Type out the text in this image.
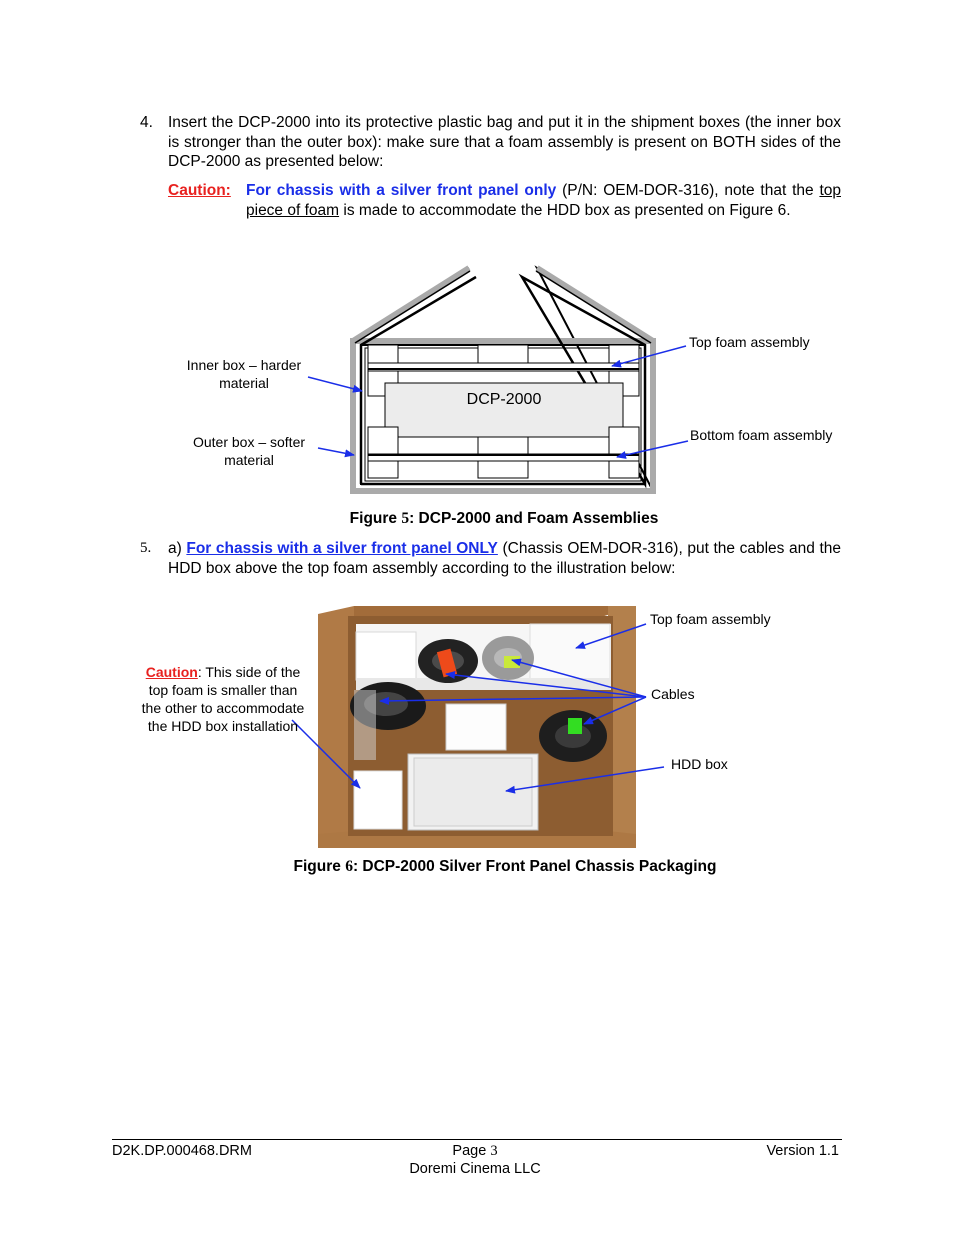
4. Insert the DCP-2000 into its protective plastic bag and put it in the shipment boxes (the inner box is stronger than the outer box): make sure that a foam assembly is present on BOTH sides of the DCP-2000 as presented below:
Caution: For chassis with a silver front panel only (P/N: OEM-DOR-316), note that the top piece of foam is made to accommodate the HDD box as presented on Figure 6.
DCP-2000
Inner box – harder material
Outer box – softer material
Top foam assembly
Bottom foam assembly
Figure 5: DCP-2000 and Foam Assemblies
5. a) For chassis with a silver front panel ONLY (Chassis OEM-DOR-316), put the cables and the HDD box above the top foam assembly according to the illustration below:
Top foam assembly
Cables
HDD box
Caution: This side of the top foam is smaller than the other to accommodate the HDD box installation
Figure 6: DCP-2000 Silver Front Panel Chassis Packaging
D2K.DP.000468.DRM	Page 3	Version 1.1
Doremi Cinema LLC
